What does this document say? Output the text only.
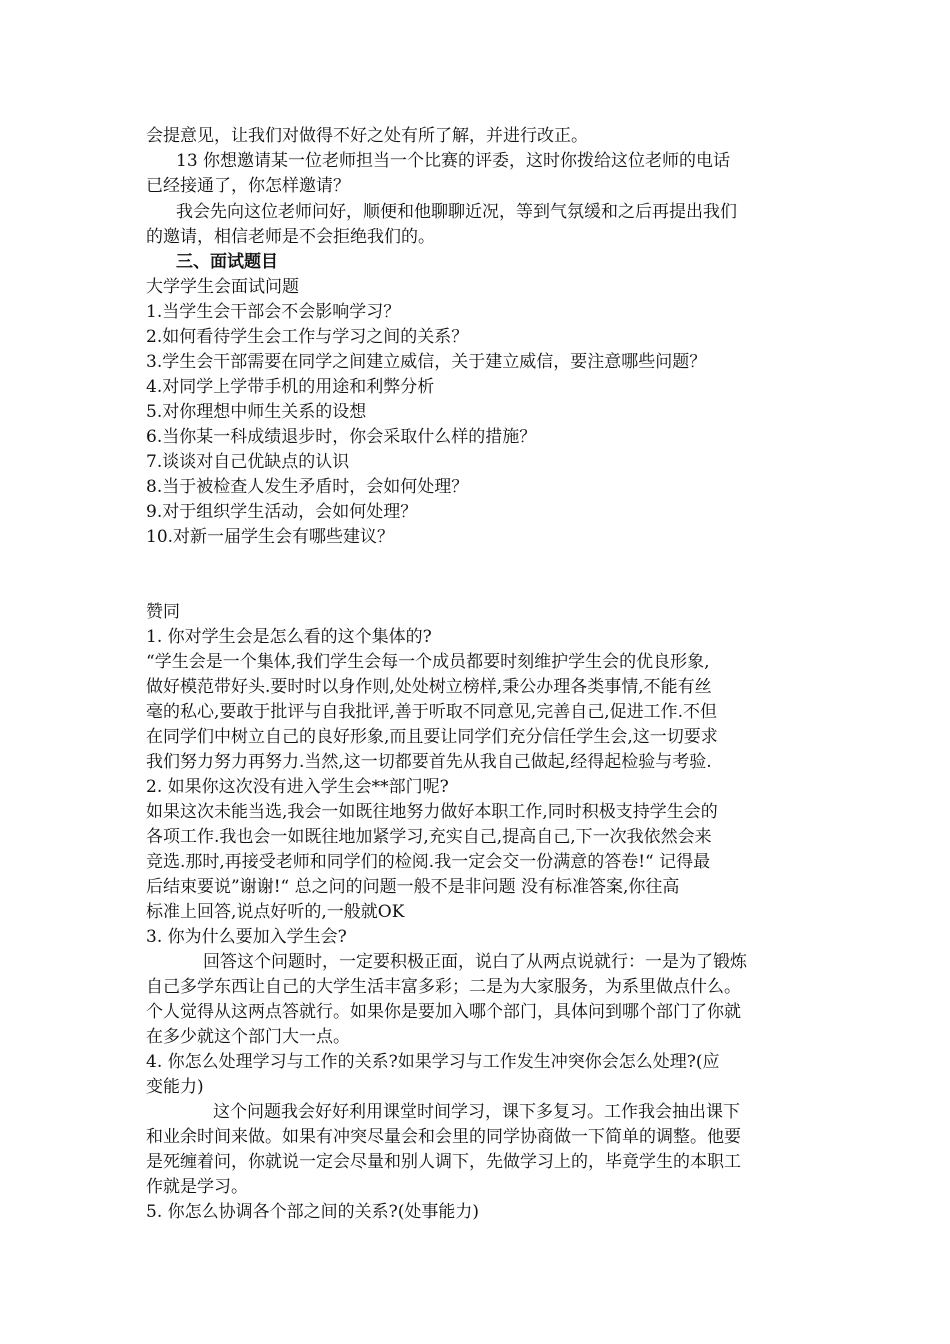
会提意见，让我们对做得不好之处有所了解，并进行改正。

13 你想邀请某一位老师担当一个比赛的评委，这时你拨给这位老师的电话

已经接通了，你怎样邀请？

我会先向这位老师问好，顺便和他聊聊近况，等到气氛缓和之后再提出我们

的邀请，相信老师是不会拒绝我们的。

三、面试题目

大学学生会面试问题

1.当学生会干部会不会影响学习？

2.如何看待学生会工作与学习之间的关系？

3.学生会干部需要在同学之间建立威信，关于建立威信，要注意哪些问题？

4.对同学上学带手机的用途和利弊分析

5.对你理想中师生关系的设想

6.当你某一科成绩退步时，你会采取什么样的措施？

7.谈谈对自己优缺点的认识

8.当于被检查人发生矛盾时，会如何处理？

9.对于组织学生活动，会如何处理？

10.对新一届学生会有哪些建议？

赞同

1. 你对学生会是怎么看的这个集体的?

“学生会是一个集体,我们学生会每一个成员都要时刻维护学生会的优良形象,

做好模范带好头.要时时以身作则,处处树立榜样,秉公办理各类事情,不能有丝

毫的私心,要敢于批评与自我批评,善于听取不同意见,完善自己,促进工作.不但

在同学们中树立自己的良好形象,而且要让同学们充分信任学生会,这一切要求

我们努力努力再努力.当然,这一切都要首先从我自己做起,经得起检验与考验.

2. 如果你这次没有进入学生会**部门呢?

如果这次未能当选,我会一如既往地努力做好本职工作,同时积极支持学生会的

各项工作.我也会一如既往地加紧学习,充实自己,提高自己,下一次我依然会来

竞选.那时,再接受老师和同学们的检阅.我一定会交一份满意的答卷!“ 记得最

后结束要说”谢谢!“ 总之问的问题一般不是非问题 没有标准答案,你往高

标准上回答,说点好听的,一般就OK

3. 你为什么要加入学生会?

回答这个问题时，一定要积极正面，说白了从两点说就行：一是为了锻炼

自己多学东西让自己的大学生活丰富多彩；二是为大家服务，为系里做点什么。

个人觉得从这两点答就行。如果你是要加入哪个部门，具体问到哪个部门了你就

在多少就这个部门大一点。

4. 你怎么处理学习与工作的关系?如果学习与工作发生冲突你会怎么处理?(应

变能力)

这个问题我会好好利用课堂时间学习，课下多复习。工作我会抽出课下

和业余时间来做。如果有冲突尽量会和会里的同学协商做一下简单的调整。他要

是死缠着问，你就说一定会尽量和别人调下，先做学习上的，毕竟学生的本职工

作就是学习。

5. 你怎么协调各个部之间的关系?(处事能力)
